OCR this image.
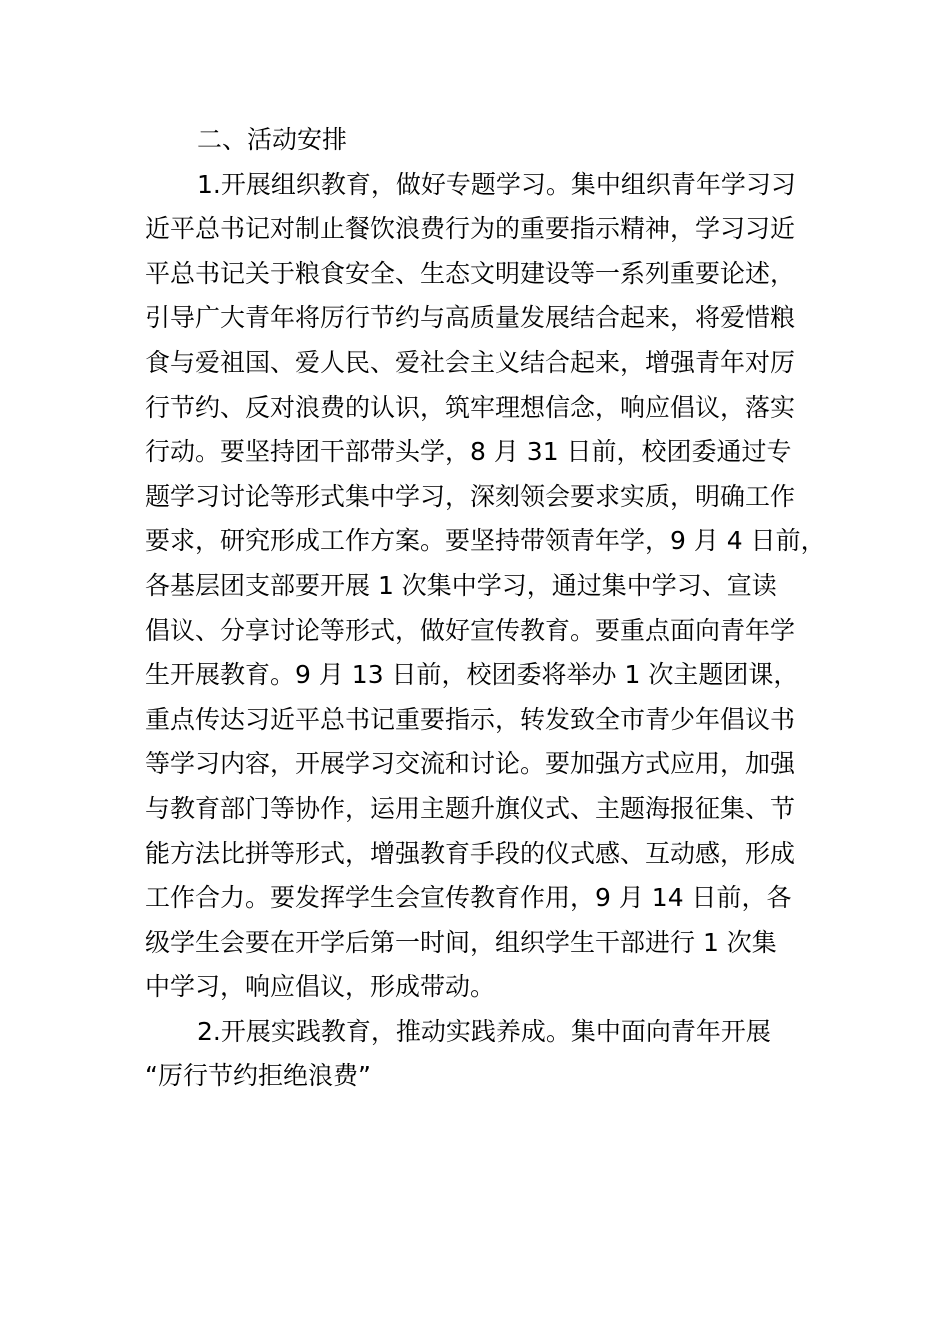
二、活动安排
1.开展组织教育，做好专题学习。集中组织青年学习习
近平总书记对制止餐饮浪费行为的重要指示精神，学习习近
平总书记关于粮食安全、生态文明建设等一系列重要论述，
引导广大青年将厉行节约与高质量发展结合起来，将爱惜粮
食与爱祖国、爱人民、爱社会主义结合起来，增强青年对厉
行节约、反对浪费的认识，筑牢理想信念，响应倡议，落实
行动。要坚持团干部带头学，8 月 31 日前，校团委通过专
题学习讨论等形式集中学习，深刻领会要求实质，明确工作
要求，研究形成工作方案。要坚持带领青年学，9 月 4 日前，
各基层团支部要开展 1 次集中学习，通过集中学习、宣读
倡议、分享讨论等形式，做好宣传教育。要重点面向青年学
生开展教育。9 月 13 日前，校团委将举办 1 次主题团课，
重点传达习近平总书记重要指示，转发致全市青少年倡议书
等学习内容，开展学习交流和讨论。要加强方式应用，加强
与教育部门等协作，运用主题升旗仪式、主题海报征集、节
能方法比拼等形式，增强教育手段的仪式感、互动感，形成
工作合力。要发挥学生会宣传教育作用，9 月 14 日前，各
级学生会要在开学后第一时间，组织学生干部进行 1 次集
中学习，响应倡议，形成带动。
2.开展实践教育，推动实践养成。集中面向青年开展
“厉行节约拒绝浪费”
